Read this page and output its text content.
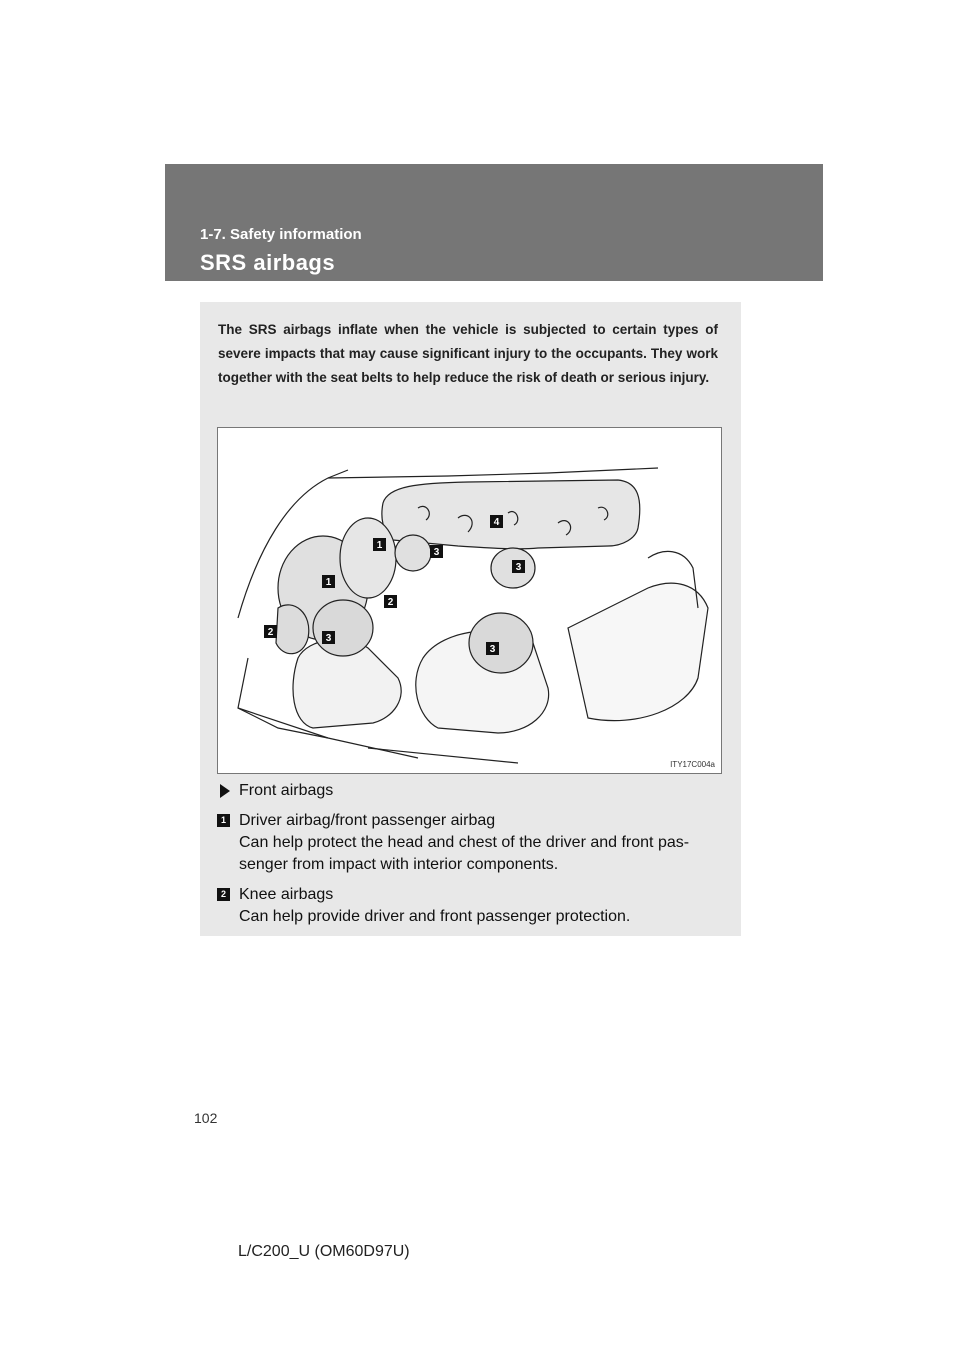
1-7. Safety information
SRS airbags
The SRS airbags inflate when the vehicle is subjected to certain types of severe impacts that may cause significant injury to the occupants. They work together with the seat belts to help reduce the risk of death or serious injury.
1
1
2
2
3
3
3
3
4
ITY17C004a
Front airbags
1 Driver airbag/front passenger airbag
Can help protect the head and chest of the driver and front pas-
senger from impact with interior components.
2 Knee airbags
Can help provide driver and front passenger protection.
102
L/C200_U (OM60D97U)
